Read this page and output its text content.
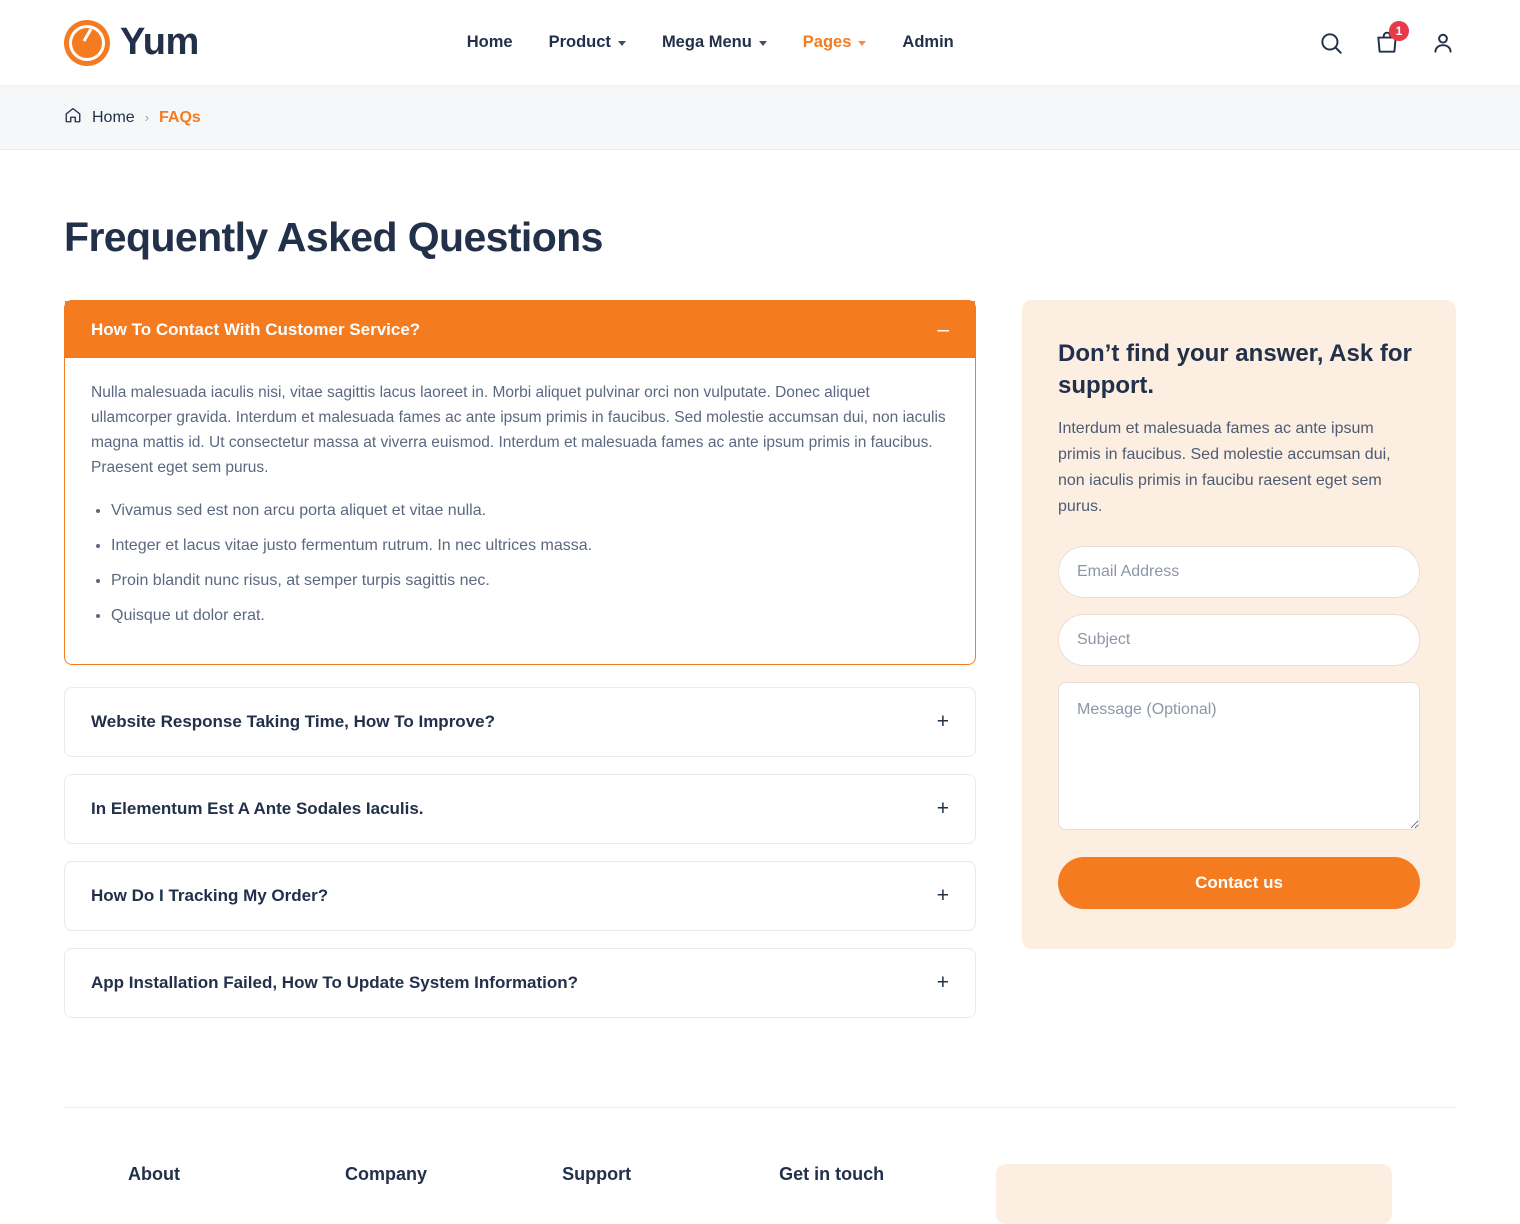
Yum	Home Product	Mega Menu	Pages	Admin
1
Home › FAQs
Frequently Asked Questions
How To Contact With Customer Service?	–

Nulla malesuada iaculis nisi, vitae sagittis lacus laoreet in. Morbi aliquet pulvinar orci non vulputate. Donec aliquet ullamcorper gravida. Interdum et malesuada fames ac ante ipsum primis in faucibus. Sed molestie accumsan dui, non iaculis magna mattis id. Ut consectetur massa at viverra euismod. Interdum et malesuada fames ac ante ipsum primis in faucibus. Praesent eget sem purus.

• Vivamus sed est non arcu porta aliquet et vitae nulla.
• Integer et lacus vitae justo fermentum rutrum. In nec ultrices massa.
• Proin blandit nunc risus, at semper turpis sagittis nec.
• Quisque ut dolor erat.
Website Response Taking Time, How To Improve?	+
In Elementum Est A Ante Sodales Iaculis.	+
How Do I Tracking My Order?	+
App Installation Failed, How To Update System Information?	+
Don’t find your answer, Ask for support.

Interdum et malesuada fames ac ante ipsum primis in faucibus. Sed molestie accumsan dui, non iaculis primis in faucibu raesent eget sem purus.

Email Address Subject Message (Optional) Contact us
About	Company	Support	Get in touch
